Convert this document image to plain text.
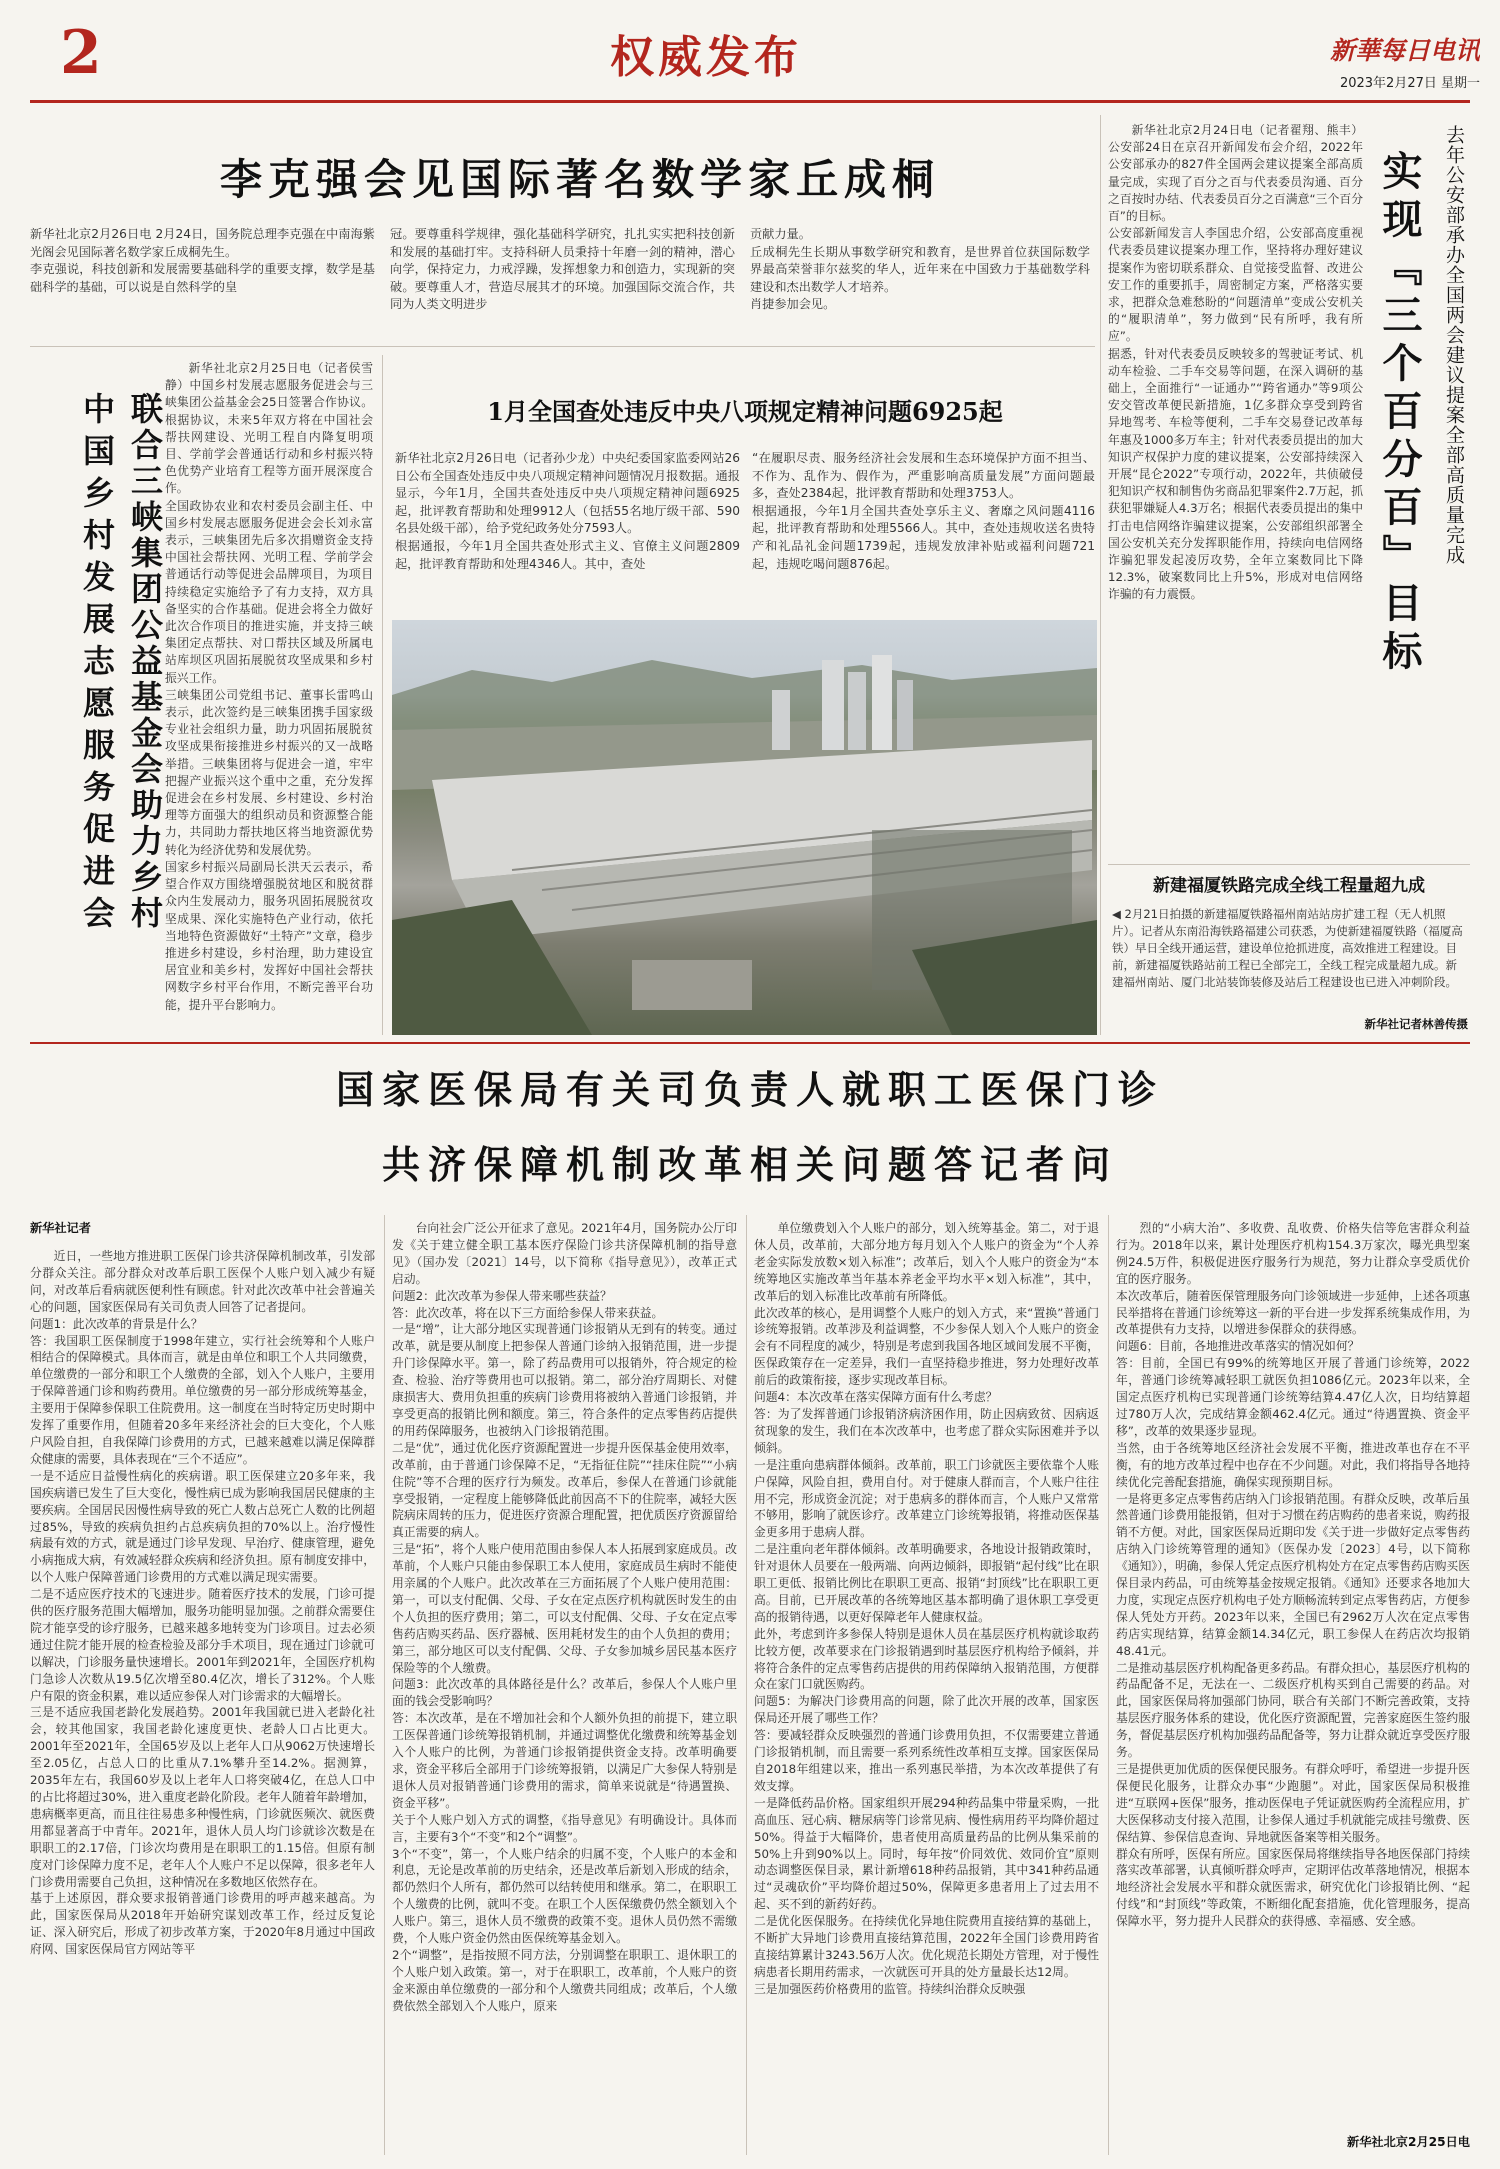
2	权威发布	新華每日电讯
2023年2月27日 星期一
李克强会见国际著名数学家丘成桐
新华社北京2月26日电 2月24日，国务院总理李克强在中南海紫光阁会见国际著名数学家丘成桐先生。
李克强说，科技创新和发展需要基础科学的重要支撑，数学是基础科学的基础，可以说是自然科学的皇
冠。要尊重科学规律，强化基础科学研究，扎扎实实把科技创新和发展的基础打牢。支持科研人员秉持十年磨一剑的精神，潜心向学，保持定力，力戒浮躁，发挥想象力和创造力，实现新的突破。要尊重人才，营造尽展其才的环境。加强国际交流合作，共同为人类文明进步
贡献力量。
丘成桐先生长期从事数学研究和教育，是世界首位获国际数学界最高荣誉菲尔兹奖的华人，近年来在中国致力于基础数学科建设和杰出数学人才培养。
肖捷参加会见。
中国乡村发展志愿服务促进会 联合三峡集团公益基金会助力乡村
新华社北京2月25日电（记者侯雪静）中国乡村发展志愿服务促进会与三峡集团公益基金会25日签署合作协议。根据协议，未来5年双方将在中国社会帮扶网建设、光明工程自内降复明项目、学前学会普通话行动和乡村振兴特色优势产业培育工程等方面开展深度合作。
全国政协农业和农村委员会副主任、中国乡村发展志愿服务促进会会长刘永富表示，三峡集团先后多次捐赠资金支持中国社会帮扶网、光明工程、学前学会普通话行动等促进会品牌项目，为项目持续稳定实施给予了有力支持，双方具备坚实的合作基础。促进会将全力做好此次合作项目的推进实施，并支持三峡集团定点帮扶、对口帮扶区域及所属电站库坝区巩固拓展脱贫攻坚成果和乡村振兴工作。
三峡集团公司党组书记、董事长雷鸣山表示，此次签约是三峡集团携手国家级专业社会组织力量，助力巩固拓展脱贫攻坚成果衔接推进乡村振兴的又一战略举措。三峡集团将与促进会一道，牢牢把握产业振兴这个重中之重，充分发挥促进会在乡村发展、乡村建设、乡村治理等方面强大的组织动员和资源整合能力，共同助力帮扶地区将当地资源优势转化为经济优势和发展优势。
国家乡村振兴局副局长洪天云表示，希望合作双方围绕增强脱贫地区和脱贫群众内生发展动力，服务巩固拓展脱贫攻坚成果、深化实施特色产业行动，依托当地特色资源做好“土特产”文章，稳步推进乡村建设，乡村治理，助力建设宜居宜业和美乡村，发挥好中国社会帮扶网数字乡村平台作用，不断完善平台功能，提升平台影响力。
1月全国查处违反中央八项规定精神问题6925起
新华社北京2月26日电（记者孙少龙）中央纪委国家监委网站26日公布全国查处违反中央八项规定精神问题情况月报数据。通报显示，今年1月，全国共查处违反中央八项规定精神问题6925起，批评教育帮助和处理9912人（包括55名地厅级干部、590名县处级干部），给予党纪政务处分7593人。
根据通报，今年1月全国共查处形式主义、官僚主义问题2809起，批评教育帮助和处理4346人。其中，查处
“在履职尽责、服务经济社会发展和生态环境保护方面不担当、不作为、乱作为、假作为，严重影响高质量发展”方面问题最多，查处2384起，批评教育帮助和处理3753人。
根据通报，今年1月全国共查处享乐主义、奢靡之风问题4116起，批评教育帮助和处理5566人。其中，查处违规收送名贵特产和礼品礼金问题1739起，违规发放津补贴或福利问题721起，违规吃喝问题876起。	去年公安部承办全国两会建议提案全部高质量完成
实现『三个百分百』目标
新华社北京2月24日电（记者翟翔、熊丰）公安部24日在京召开新闻发布会介绍，2022年公安部承办的827件全国两会建议提案全部高质量完成，实现了百分之百与代表委员沟通、百分之百按时办结、代表委员百分之百满意“三个百分百”的目标。
公安部新闻发言人李国忠介绍，公安部高度重视代表委员建议提案办理工作，坚持将办理好建议提案作为密切联系群众、自觉接受监督、改进公安工作的重要抓手，周密制定方案，严格落实要求，把群众急难愁盼的“问题清单”变成公安机关的“履职清单”，努力做到“民有所呼，我有所应”。
据悉，针对代表委员反映较多的驾驶证考试、机动车检验、二手车交易等问题，在深入调研的基础上，全面推行“一证通办”“跨省通办”等9项公安交管改革便民新措施，1亿多群众享受到跨省异地驾考、车检等便利，二手车交易登记改革每年惠及1000多万车主；针对代表委员提出的加大知识产权保护力度的建议提案，公安部持续深入开展“昆仑2022”专项行动，2022年，共侦破侵犯知识产权和制售伪劣商品犯罪案件2.7万起，抓获犯罪嫌疑人4.3万名；根据代表委员提出的集中打击电信网络诈骗建议提案，公安部组织部署全国公安机关充分发挥职能作用，持续向电信网络诈骗犯罪发起凌厉攻势，全年立案数同比下降12.3%，破案数同比上升5%，形成对电信网络诈骗的有力震慑。
新建福厦铁路完成全线工程量超九成
◀ 2月21日拍摄的新建福厦铁路福州南站站房扩建工程（无人机照片）。记者从东南沿海铁路福建公司获悉，为使新建福厦铁路（福厦高铁）早日全线开通运营，建设单位抢抓进度，高效推进工程建设。目前，新建福厦铁路站前工程已全部完工，全线工程完成量超九成。新建福州南站、厦门北站装饰装修及站后工程建设也已进入冲刺阶段。
新华社记者林善传摄
国家医保局有关司负责人就职工医保门诊
共济保障机制改革相关问题答记者问
新华社记者
近日，一些地方推进职工医保门诊共济保障机制改革，引发部分群众关注。部分群众对改革后职工医保个人账户划入减少有疑问，对改革后看病就医便利性有顾虑。针对此次改革中社会普遍关心的问题，国家医保局有关司负责人回答了记者提问。
问题1：此次改革的背景是什么？
答：我国职工医保制度于1998年建立，实行社会统筹和个人账户相结合的保障模式。具体而言，就是由单位和职工个人共同缴费，单位缴费的一部分和职工个人缴费的全部，划入个人账户，主要用于保障普通门诊和购药费用。单位缴费的另一部分形成统筹基金，主要用于保障参保职工住院费用。这一制度在当时特定历史时期中发挥了重要作用，但随着20多年来经济社会的巨大变化，个人账户风险自担，自我保障门诊费用的方式，已越来越难以满足保障群众健康的需要，具体表现在“三个不适应”。
一是不适应日益慢性病化的疾病谱。职工医保建立20多年来，我国疾病谱已发生了巨大变化，慢性病已成为影响我国居民健康的主要疾病。全国居民因慢性病导致的死亡人数占总死亡人数的比例超过85%，导致的疾病负担约占总疾病负担的70%以上。治疗慢性病最有效的方式，就是通过门诊早发现、早治疗、健康管理，避免小病拖成大病，有效减轻群众疾病和经济负担。原有制度安排中，以个人账户保障普通门诊费用的方式难以满足现实需要。
二是不适应医疗技术的飞速进步。随着医疗技术的发展，门诊可提供的医疗服务范围大幅增加，服务功能明显加强。之前群众需要住院才能享受的诊疗服务，已越来越多地转变为门诊项目。过去必须通过住院才能开展的检查检验及部分手术项目，现在通过门诊就可以解决，门诊服务量快速增长。2001年到2021年，全国医疗机构门急诊人次数从19.5亿次增至80.4亿次，增长了312%。个人账户有限的资金积累，难以适应参保人对门诊需求的大幅增长。
三是不适应我国老龄化发展趋势。2001年我国就已进入老龄化社会，较其他国家，我国老龄化速度更快、老龄人口占比更大。2001年至2021年，全国65岁及以上老年人口从9062万快速增长至2.05亿，占总人口的比重从7.1%攀升至14.2%。据测算，2035年左右，我国60岁及以上老年人口将突破4亿，在总人口中的占比将超过30%，进入重度老龄化阶段。老年人随着年龄增加，患病概率更高，而且往往易患多种慢性病，门诊就医频次、就医费用都显著高于中青年。2021年，退休人员人均门诊就诊次数是在职职工的2.17倍，门诊次均费用是在职职工的1.15倍。但原有制度对门诊保障力度不足，老年人个人账户不足以保障，很多老年人门诊费用需要自己负担，这种情况在多数地区依然存在。
基于上述原因，群众要求报销普通门诊费用的呼声越来越高。为此，国家医保局从2018年开始研究谋划改革工作，经过反复论证、深入研究后，形成了初步改革方案，于2020年8月通过中国政府网、国家医保局官方网站等平
台向社会广泛公开征求了意见。2021年4月，国务院办公厅印发《关于建立健全职工基本医疗保险门诊共济保障机制的指导意见》（国办发〔2021〕14号，以下简称《指导意见》），改革正式启动。
问题2：此次改革为参保人带来哪些获益？
答：此次改革，将在以下三方面给参保人带来获益。
一是“增”，让大部分地区实现普通门诊报销从无到有的转变。通过改革，就是要从制度上把参保人普通门诊纳入报销范围，进一步提升门诊保障水平。第一，除了药品费用可以报销外，符合规定的检查、检验、治疗等费用也可以报销。第二，部分治疗周期长、对健康损害大、费用负担重的疾病门诊费用将被纳入普通门诊报销，并享受更高的报销比例和额度。第三，符合条件的定点零售药店提供的用药保障服务，也被纳入门诊报销范围。
二是“优”，通过优化医疗资源配置进一步提升医保基金使用效率，改革前，由于普通门诊保障不足，“无指征住院”“挂床住院”“小病住院”等不合理的医疗行为频发。改革后，参保人在普通门诊就能享受报销，一定程度上能够降低此前因高不下的住院率，减轻大医院病床周转的压力，促进医疗资源合理配置，把优质医疗资源留给真正需要的病人。
三是“拓”，将个人账户使用范围由参保人本人拓展到家庭成员。改革前，个人账户只能由参保职工本人使用，家庭成员生病时不能使用亲属的个人账户。此次改革在三方面拓展了个人账户使用范围：第一，可以支付配偶、父母、子女在定点医疗机构就医时发生的由个人负担的医疗费用；第二，可以支付配偶、父母、子女在定点零售药店购买药品、医疗器械、医用耗材发生的由个人负担的费用；第三，部分地区可以支付配偶、父母、子女参加城乡居民基本医疗保险等的个人缴费。
问题3：此次改革的具体路径是什么？改革后，参保人个人账户里面的钱会受影响吗？
答：本次改革，是在不增加社会和个人额外负担的前提下，建立职工医保普通门诊统筹报销机制，并通过调整优化缴费和统筹基金划入个人账户的比例，为普通门诊报销提供资金支持。改革明确要求，资金平移后全部用于门诊统筹报销，以满足广大参保人特别是退休人员对报销普通门诊费用的需求，简单来说就是“待遇置换、资金平移”。
关于个人账户划入方式的调整，《指导意见》有明确设计。具体而言，主要有3个“不变”和2个“调整”。
3个“不变”，第一，个人账户结余的归属不变，个人账户的本金和利息，无论是改革前的历史结余，还是改革后新划入形成的结余，都仍然归个人所有，都仍然可以结转使用和继承。第二，在职职工个人缴费的比例，就叫不变。在职工个人医保缴费仍然全额划入个人账户。第三，退休人员不缴费的政策不变。退休人员仍然不需缴费，个人账户资金仍然由医保统筹基金划入。
2个“调整”，是指按照不同方法，分别调整在职职工、退休职工的个人账户划入政策。第一，对于在职职工，改革前，个人账户的资金来源由单位缴费的一部分和个人缴费共同组成；改革后，个人缴费依然全部划入个人账户，原来
单位缴费划入个人账户的部分，划入统筹基金。第二，对于退休人员，改革前，大部分地方每月划入个人账户的资金为“个人养老金实际发放数×划入标准”；改革后，划入个人账户的资金为“本统筹地区实施改革当年基本养老金平均水平×划入标准”，其中，改革后的划入标准比改革前有所降低。
此次改革的核心，是用调整个人账户的划入方式，来“置换”普通门诊统筹报销。改革涉及利益调整，不少参保人划入个人账户的资金会有不同程度的减少，特别是考虑到我国各地区域间发展不平衡，医保政策存在一定差异，我们一直坚持稳步推进，努力处理好改革前后的政策衔接，逐步实现改革目标。
问题4：本次改革在落实保障方面有什么考虑？
答：为了发挥普通门诊报销济病济困作用，防止因病致贫、因病返贫现象的发生，我们在本次改革中，也考虑了群众实际困难并予以倾斜。
一是注重向患病群体倾斜。改革前，职工门诊就医主要依靠个人账户保障，风险自担，费用自付。对于健康人群而言，个人账户往往用不完，形成资金沉淀；对于患病多的群体而言，个人账户又常常不够用，影响了就医诊疗。改革建立门诊统筹报销，将推动医保基金更多用于患病人群。
二是注重向老年群体倾斜。改革明确要求，各地设计报销政策时，针对退休人员要在一般两端、向两边倾斜，即报销“起付线”比在职职工更低、报销比例比在职职工更高、报销“封顶线”比在职职工更高。目前，已开展改革的各统筹地区基本都明确了退休职工享受更高的报销待遇，以更好保障老年人健康权益。
此外，考虑到许多参保人特别是退休人员在基层医疗机构就诊取药比较方便，改革要求在门诊报销遇到时基层医疗机构给予倾斜，并将符合条件的定点零售药店提供的用药保障纳入报销范围，方便群众在家门口就医购药。
问题5：为解决门诊费用高的问题，除了此次开展的改革，国家医保局还开展了哪些工作？
答：要减轻群众反映强烈的普通门诊费用负担，不仅需要建立普通门诊报销机制，而且需要一系列系统性改革相互支撑。国家医保局自2018年组建以来，推出一系列惠民举措，为本次改革提供了有效支撑。
一是降低药品价格。国家组织开展294种药品集中带量采购，一批高血压、冠心病、糖尿病等门诊常见病、慢性病用药平均降价超过50%。得益于大幅降价，患者使用高质量药品的比例从集采前的50%上升到90%以上。同时，每年按“价同效优、效同价宜”原则动态调整医保目录，累计新增618种药品报销，其中341种药品通过“灵魂砍价”平均降价超过50%，保障更多患者用上了过去用不起、买不到的新药好药。
二是优化医保服务。在持续优化异地住院费用直接结算的基础上，不断扩大异地门诊费用直接结算范围，2022年全国门诊费用跨省直接结算累计3243.56万人次。优化规范长期处方管理，对于慢性病患者长期用药需求，一次就医可开具的处方量最长达12周。
三是加强医药价格费用的监管。持续纠治群众反映强
烈的“小病大治”、多收费、乱收费、价格失信等危害群众利益行为。2018年以来，累计处理医疗机构154.3万家次，曝光典型案例24.5万件，积极促进医疗服务行为规范，努力让群众享受质优价宜的医疗服务。
本次改革后，随着医保管理服务向门诊领域进一步延伸，上述各项惠民举措将在普通门诊统筹这一新的平台进一步发挥系统集成作用，为改革提供有力支持，以增进参保群众的获得感。
问题6：目前，各地推进改革落实的情况如何？
答：目前，全国已有99%的统筹地区开展了普通门诊统筹，2022年，普通门诊统筹减轻职工就医负担1086亿元。2023年以来，全国定点医疗机构已实现普通门诊统筹结算4.47亿人次，日均结算超过780万人次，完成结算金额462.4亿元。通过“待遇置换、资金平移”，改革的效果逐步显现。
当然，由于各统筹地区经济社会发展不平衡，推进改革也存在不平衡，有的地方改革过程中也存在不少问题。对此，我们将指导各地持续优化完善配套措施，确保实现预期目标。
一是将更多定点零售药店纳入门诊报销范围。有群众反映，改革后虽然普通门诊费用能报销，但对于习惯在药店购药的患者来说，购药报销不方便。对此，国家医保局近期印发《关于进一步做好定点零售药店纳入门诊统筹管理的通知》（医保办发〔2023〕4号，以下简称《通知》），明确，参保人凭定点医疗机构处方在定点零售药店购买医保目录内药品，可由统筹基金按规定报销。《通知》还要求各地加大力度，实现定点医疗机构电子处方顺畅流转到定点零售药店，方便参保人凭处方开药。2023年以来，全国已有2962万人次在定点零售药店实现结算，结算金额14.34亿元，职工参保人在药店次均报销48.41元。
二是推动基层医疗机构配备更多药品。有群众担心，基层医疗机构的药品配备不足，无法在一、二级医疗机构买到自己需要的药品。对此，国家医保局将加强部门协同，联合有关部门不断完善政策，支持基层医疗服务体系的建设，优化医疗资源配置，完善家庭医生签约服务，督促基层医疗机构加强药品配备等，努力让群众就近享受医疗服务。
三是提供更加优质的医保便民服务。有群众呼吁，希望进一步提升医保便民化服务，让群众办事“少跑腿”。对此，国家医保局积极推进“互联网+医保”服务，推动医保电子凭证就医购药全流程应用，扩大医保移动支付接入范围，让参保人通过手机就能完成挂号缴费、医保结算、参保信息查询、异地就医备案等相关服务。
群众有所呼，医保有所应。国家医保局将继续指导各地医保部门持续落实改革部署，认真倾听群众呼声，定期评估改革落地情况，根据本地经济社会发展水平和群众就医需求，研究优化门诊报销比例、“起付线”和“封顶线”等政策，不断细化配套措施，优化管理服务，提高保障水平，努力提升人民群众的获得感、幸福感、安全感。
新华社北京2月25日电
